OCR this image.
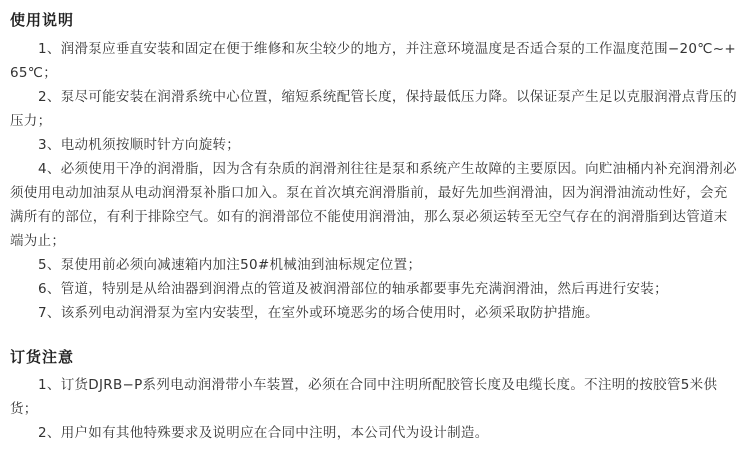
使用说明

1、润滑泵应垂直安装和固定在便于维修和灰尘较少的地方，并注意环境温度是否适合泵的工作温度范围−20℃~+65℃；

2、泵尽可能安装在润滑系统中心位置，缩短系统配管长度，保持最低压力降。以保证泵产生足以克服润滑点背压的压力；

3、电动机须按顺时针方向旋转；

4、必须使用干净的润滑脂，因为含有杂质的润滑剂往往是泵和系统产生故障的主要原因。向贮油桶内补充润滑剂必须使用电动加油泵从电动润滑泵补脂口加入。泵在首次填充润滑脂前，最好先加些润滑油，因为润滑油流动性好，会充满所有的部位，有利于排除空气。如有的润滑部位不能使用润滑油，那么泵必须运转至无空气存在的润滑脂到达管道末端为止；

5、泵使用前必须向减速箱内加注50#机械油到油标规定位置；

6、管道，特别是从给油器到润滑点的管道及被润滑部位的轴承都要事先充满润滑油，然后再进行安装；

7、该系列电动润滑泵为室内安装型，在室外或环境恶劣的场合使用时，必须采取防护措施。

订货注意

1、订货DJRB−P系列电动润滑带小车装置，必须在合同中注明所配胶管长度及电缆长度。不注明的按胶管5米供货；

2、用户如有其他特殊要求及说明应在合同中注明，本公司代为设计制造。
